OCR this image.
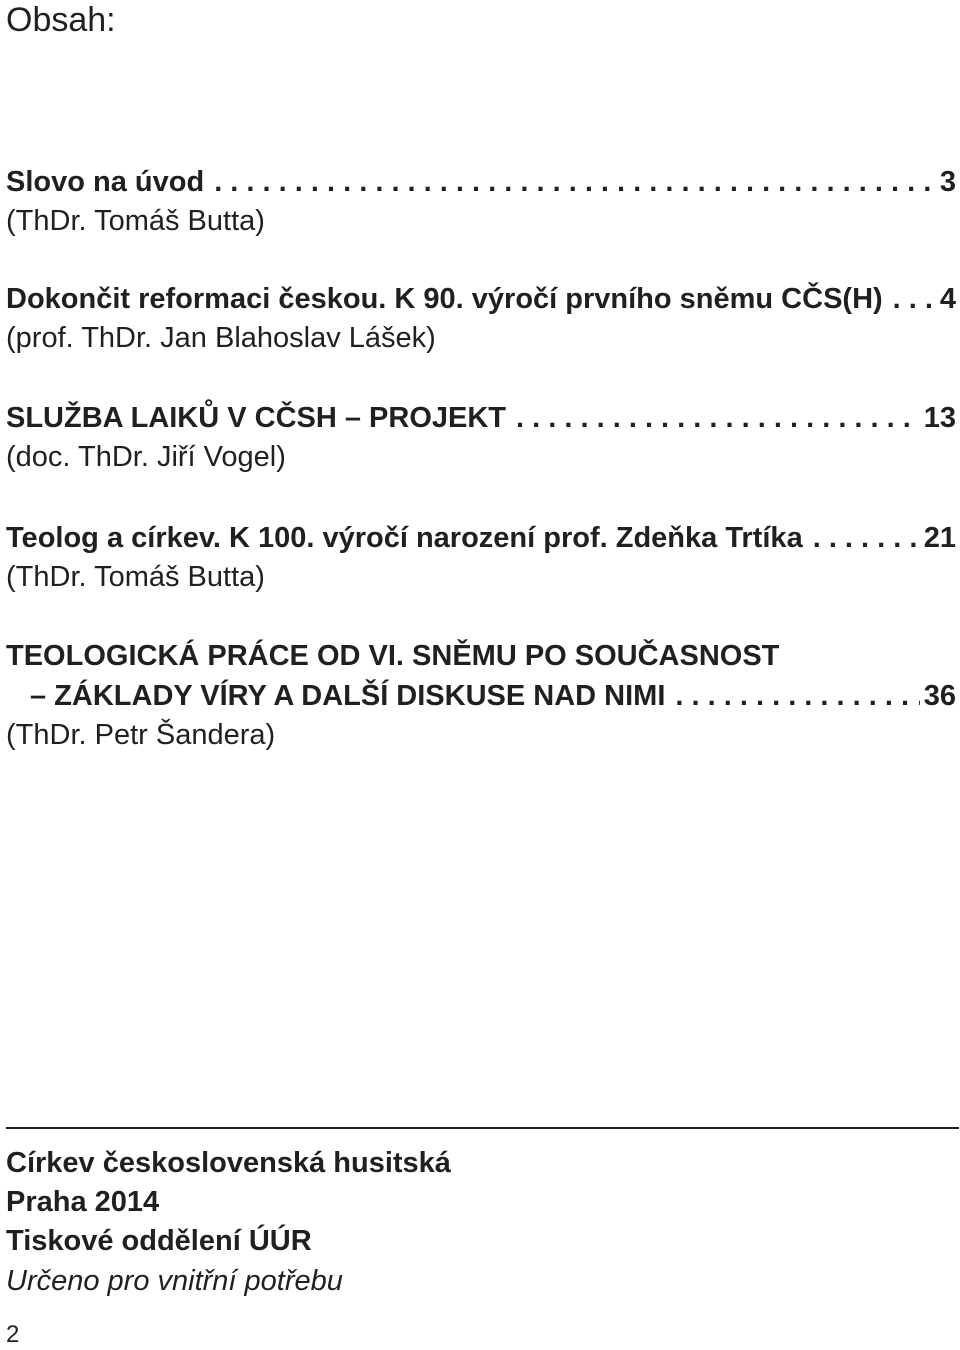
Obsah:
Slovo na úvod . . .	3
(ThDr. Tomáš Butta)
Dokončit reformaci českou. K 90. výročí prvního sněmu CČS(H) . . . 4
(prof. ThDr. Jan Blahoslav Lášek)
SLUŽBA LAIKŮ V CČSH – PROJEKT . . .	13
(doc. ThDr. Jiří Vogel)
Teolog a církev. K 100. výročí narození prof. Zdeňka Trtíka . . .	21
(ThDr. Tomáš Butta)
TEOLOGICKÁ PRÁCE OD VI. SNĚMU PO SOUČASNOST
– ZÁKLADY VÍRY A DALŠÍ DISKUSE NAD NIMI . . .	36
(ThDr. Petr Šandera)
Církev československá husitská
Praha 2014
Tiskové oddělení ÚÚR
Určeno pro vnitřní potřebu
2
